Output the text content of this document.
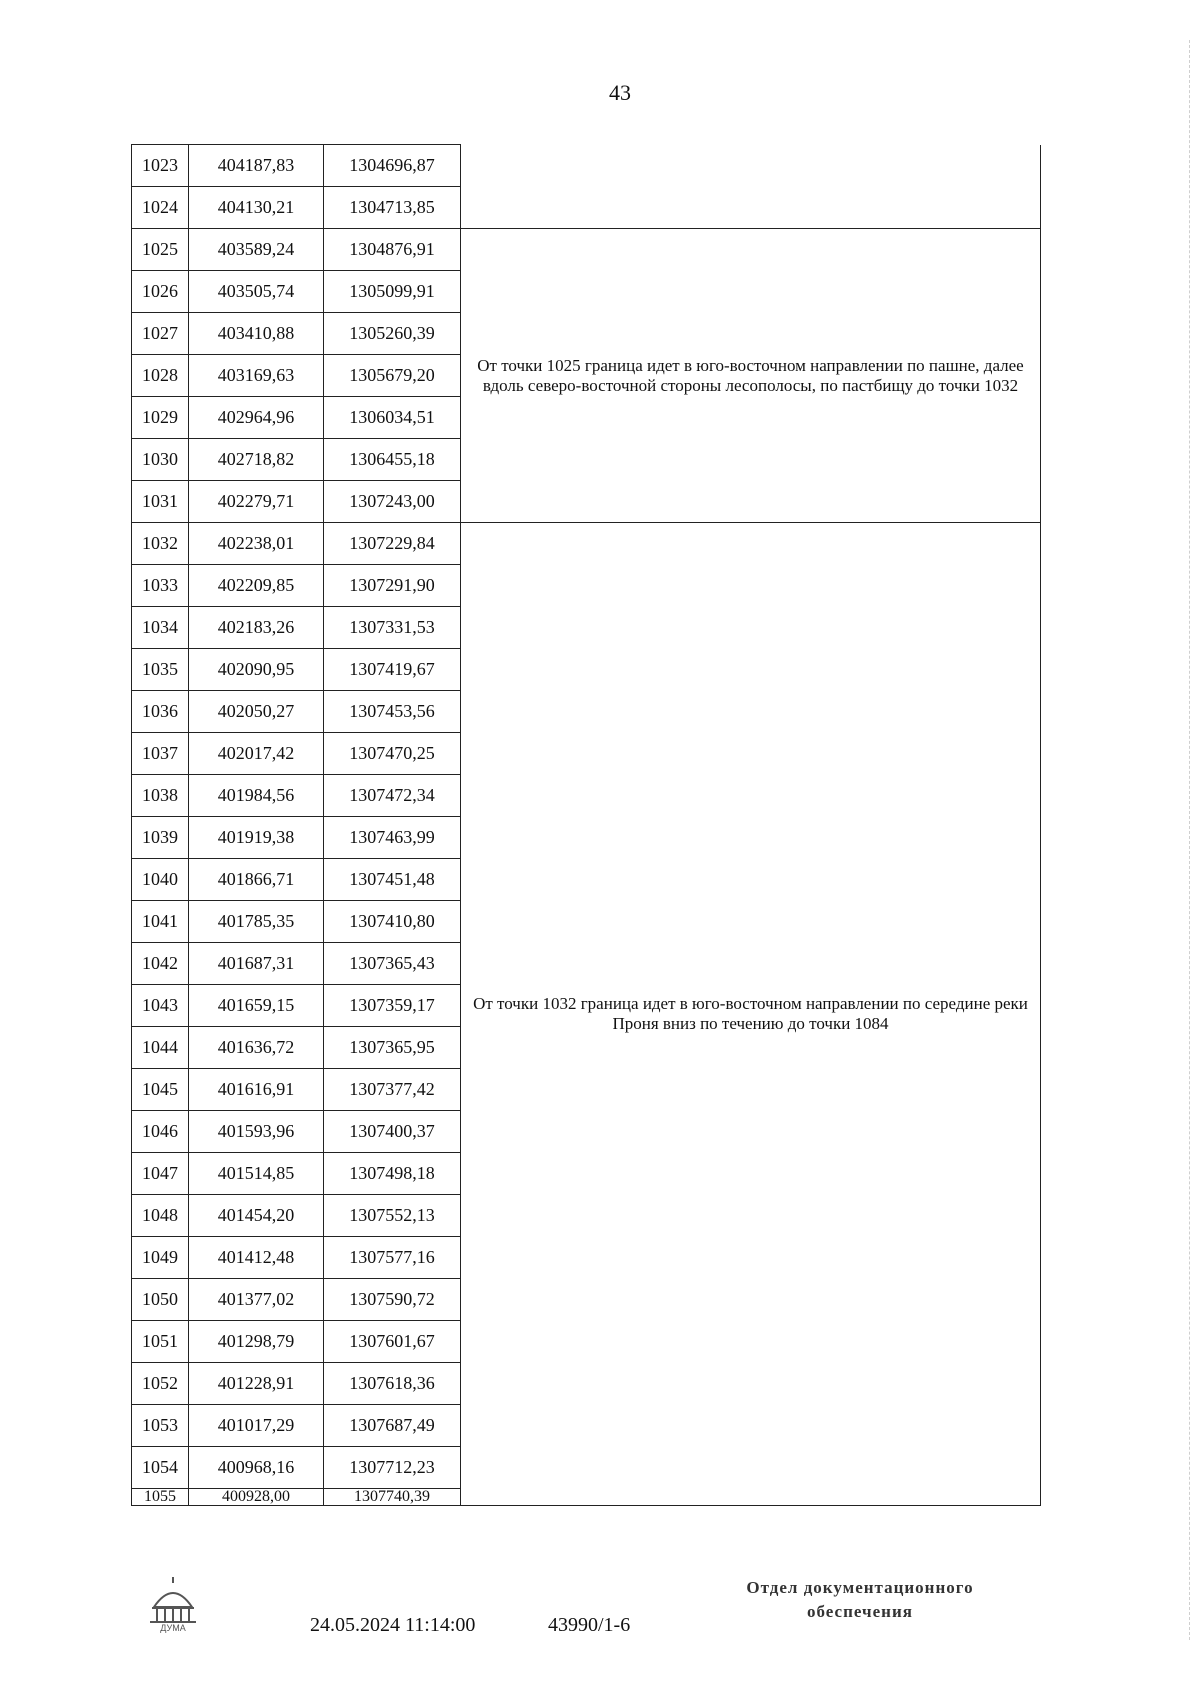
43
1023	404187,83	1304696,87	
1024	404130,21	1304713,85	
1025	403589,24	1304876,91	От точки 1025 граница идет в юго-восточном направлении по пашне, далее вдоль северо-восточной стороны лесополосы, по пастбищу до точки 1032
1026	403505,74	1305099,91	
1027	403410,88	1305260,39	
1028	403169,63	1305679,20	
1029	402964,96	1306034,51	
1030	402718,82	1306455,18	
1031	402279,71	1307243,00	
1032	402238,01	1307229,84	От точки 1032 граница идет в юго-восточном направлении по середине реки Проня вниз по течению до точки 1084
1033	402209,85	1307291,90	
1034	402183,26	1307331,53	
1035	402090,95	1307419,67	
1036	402050,27	1307453,56	
1037	402017,42	1307470,25	
1038	401984,56	1307472,34	
1039	401919,38	1307463,99	
1040	401866,71	1307451,48	
1041	401785,35	1307410,80	
1042	401687,31	1307365,43	
1043	401659,15	1307359,17	
1044	401636,72	1307365,95	
1045	401616,91	1307377,42	
1046	401593,96	1307400,37	
1047	401514,85	1307498,18	
1048	401454,20	1307552,13	
1049	401412,48	1307577,16	
1050	401377,02	1307590,72	
1051	401298,79	1307601,67	
1052	401228,91	1307618,36	
1053	401017,29	1307687,49	
1054	400968,16	1307712,23	
1055	400928,00	1307740,39	
ДУМА	24.05.2024 11:14:00	43990/1-6
Отдел документационного обеспечения
